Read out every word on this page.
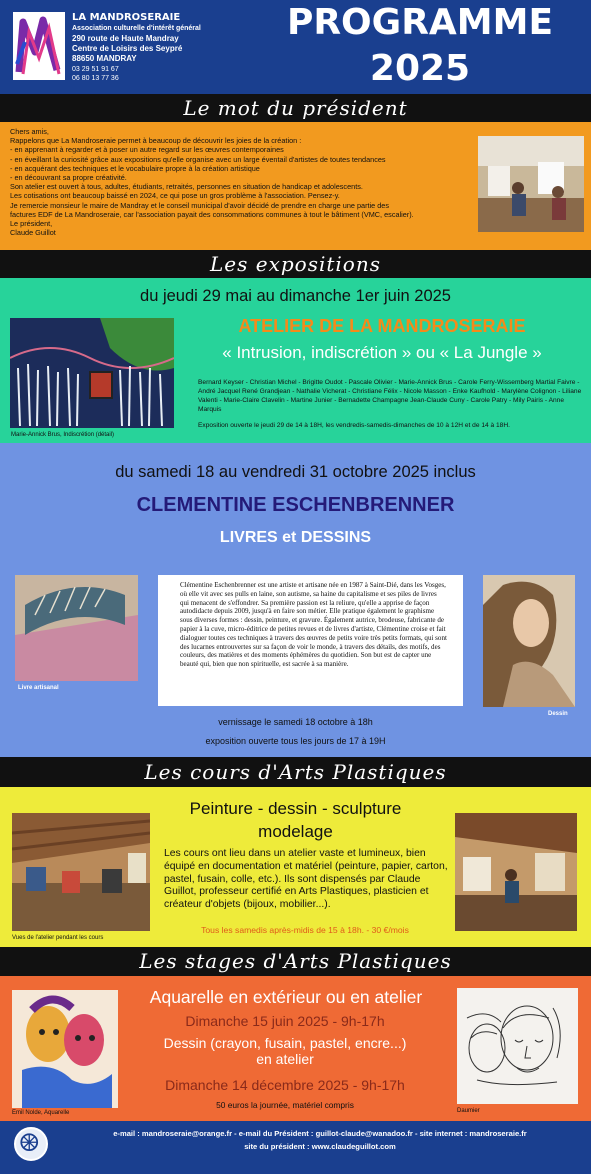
LA MANDROSERAIE
Association culturelle d'intérêt général
290 route de Haute Mandray
Centre de Loisirs des Seypré
88650 MANDRAY
03 29 51 91 67
06 80 13 77 36
PROGRAMME
2025
Le mot du président
Chers amis,
Rappelons que La Mandroseraie permet à beaucoup de découvrir les joies de la création :
- en apprenant à regarder et à poser un autre regard sur les œuvres contemporaines
- en éveillant la curiosité grâce aux expositions qu'elle organise avec un large éventail d'artistes de toutes tendances
- en acquérant des techniques et le vocabulaire propre à la création artistique
- en découvrant sa propre créativité.
Son atelier est ouvert à tous, adultes, étudiants, retraités, personnes en situation de handicap et adolescents.
Les cotisations ont beaucoup baissé en 2024, ce qui pose un gros problème à l'association. Pensez-y.
Je remercie monsieur le maire de Mandray et le conseil municipal d'avoir décidé de prendre en charge une partie des
factures EDF de La Mandroseraie, car l'association payait des consommations communes à tout le bâtiment (VMC, escalier).
Le président,
Claude Guillot
Les expositions
du jeudi 29 mai au dimanche 1er juin 2025
Marie-Annick Brus, Indiscrétion (détail)
ATELIER DE LA MANDROSERAIE
« Intrusion, indiscrétion » ou « La Jungle »
Bernard Keyser - Christian Michel - Brigitte Oudot - Pascale Olivier - Marie-Annick Brus - Carole Ferry-Wissemberg Martial Faivre - André Jacquel René Grandjean - Nathalie Vicherat - Christiane Félix - Nicole Masson - Enke Kaufhold - Marylène Colignon - Liliane Valenti - Marie-Claire Clavelin - Martine Junier - Bernadette Champagne Jean-Claude Cuny - Carole Patry - Mily Pairis - Anne Marquis
Exposition ouverte le jeudi 29 de 14 à 18H, les vendredis-samedis-dimanches de 10 à 12H et de 14 à 18H.
du samedi 18 au vendredi 31 octobre 2025 inclus
CLEMENTINE ESCHENBRENNER
LIVRES et DESSINS
Livre artisanal
Clémentine Eschenbrenner est une artiste et artisane née en 1987 à Saint-Dié, dans les Vosges, où elle vit avec ses pulls en laine, son autisme, sa haine du capitalisme et ses piles de livres qui menacent de s'effondrer. Sa première passion est la reliure, qu'elle a apprise de façon autodidacte depuis 2009, jusqu'à en faire son métier. Elle pratique également le graphisme sous diverses formes : dessin, peinture, et gravure. Également autrice, brodeuse, fabricante de papier à la cuve, micro-éditrice de petites revues et de livres d'artiste, Clémentine croise et fait dialoguer toutes ces techniques à travers des œuvres de petits voire très petits formats, qui sont des lucarnes entrouvertes sur sa façon de voir le monde, à travers des détails, des motifs, des couleurs, des matières et des moments éphémères du quotidien. Son but est de capter une beauté qui, bien que non spirituelle, est sacrée à sa manière.
Dessin
vernissage le samedi 18 octobre à 18h
exposition ouverte tous les jours de 17 à 19H
Les cours d'Arts Plastiques
Vues de l'atelier pendant les cours
Peinture - dessin - sculpture
modelage
Les cours ont lieu dans un atelier vaste et lumineux, bien équipé en documentation et matériel (peinture, papier, carton, pastel, fusain, colle, etc.). Ils sont dispensés par Claude Guillot, professeur certifié en Arts Plastiques, plasticien et créateur d'objets (bijoux, mobilier...).
Tous les samedis après-midis de 15 à 18h. - 30 €/mois
Les stages d'Arts Plastiques
Emil Nolde, Aquarelle
Aquarelle en extérieur ou en atelier
Dimanche 15 juin 2025 - 9h-17h
Dessin (crayon, fusain, pastel, encre...)
en atelier
Dimanche 14 décembre 2025 - 9h-17h
50 euros la journée, matériel compris
Daumier
e-mail : mandroseraie@orange.fr - e-mail du Président : guillot-claude@wanadoo.fr - site internet : mandroseraie.fr
site du président : www.claudeguillot.com
